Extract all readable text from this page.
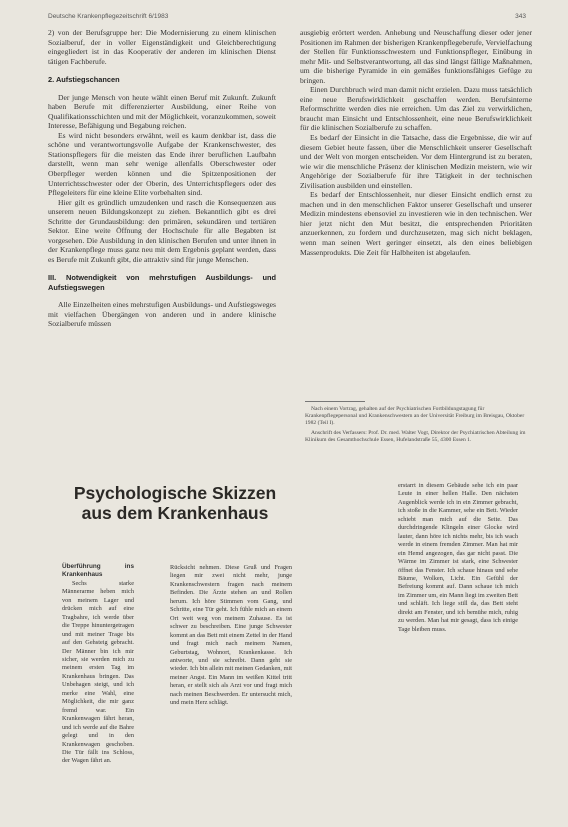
Deutsche Krankenpflegezeitschrift 6/1983	343

2) von der Berufsgruppe her: Die Modernisierung zu einem klinischen Sozialberuf, der in voller Eigenständigkeit und Gleichberechtigung eingegliedert ist in das Kooperativ der anderen im klinischen Dienst tätigen Fachberufe.

2. Aufstiegschancen

Der junge Mensch von heute wählt einen Beruf mit Zukunft. Zukunft haben Berufe mit differenzierter Ausbildung, einer Reihe von Qualifikationsschichten und mit der Möglichkeit, voranzukommen, soweit Interesse, Befähigung und Begabung reichen.

Es wird nicht besonders erwähnt, weil es kaum denkbar ist, dass die schöne und verantwortungsvolle Aufgabe der Krankenschwester, des Stationspflegers für die meisten das Ende ihrer beruflichen Laufbahn darstellt, wenn man sehr wenige allenfalls Oberschwester oder Oberpfleger werden können und die Spitzenpositionen der Unterrichtsschwester oder der Oberin, des Unterrichtspflegers oder des Pflegeleiters für eine kleine Elite vorbehalten sind.

Hier gilt es gründlich umzudenken und rasch die Konsequenzen aus unserem neuen Bildungskonzept zu ziehen. Bekanntlich gibt es drei Schritte der Grundausbildung: den primären, sekundären und tertiären Sektor. Eine weite Öffnung der Hochschule für alle Begabten ist vorgesehen. Die Ausbildung in den klinischen Berufen und unter ihnen in der Krankenpflege muss ganz neu mit dem Ergebnis geplant werden, dass es Berufe mit Zukunft gibt, die attraktiv sind für junge Menschen.

III. Notwendigkeit von mehrstufigen Ausbildungs- und Aufstiegswegen

Alle Einzelheiten eines mehrstufigen Ausbildungs- und Aufstiegsweges mit vielfachen Übergängen von anderen und in andere klinische Sozialberufe müssen

ausgiebig erörtert werden. Anhebung und Neuschaffung dieser oder jener Positionen im Rahmen der bisherigen Krankenpflegeberufe, Vervielfachung der Stellen für Funktionsschwestern und Funktionspfleger, Einübung in mehr Mit- und Selbstverantwortung, all das sind längst fällige Maßnahmen, um die bisherige Pyramide in ein gemäßes funktionsfähiges Gefüge zu bringen.

Einen Durchbruch wird man damit nicht erzielen. Dazu muss tatsächlich eine neue Berufswirklichkeit geschaffen werden. Berufsinterne Reformschritte werden dies nie erreichen. Um das Ziel zu verwirklichen, braucht man Einsicht und Entschlossenheit, eine neue Berufswirklichkeit für die klinischen Sozialberufe zu schaffen.

Es bedarf der Einsicht in die Tatsache, dass die Ergebnisse, die wir auf diesem Gebiet heute fassen, über die Menschlichkeit unserer Gesellschaft und der Welt von morgen entscheiden. Vor dem Hintergrund ist zu beraten, wie wir die menschliche Präsenz der klinischen Medizin meistern, wie wir Angehörige der Sozialberufe für ihre Tätigkeit in der technischen Zivilisation ausbilden und einstellen.

Es bedarf der Entschlossenheit, nur dieser Einsicht endlich ernst zu machen und in den menschlichen Faktor unserer Gesellschaft und unserer Medizin mindestens ebensoviel zu investieren wie in den technischen. Wer hier jetzt nicht den Mut besitzt, die entsprechenden Prioritäten anzuerkennen, zu fordern und durchzusetzen, mag sich nicht beklagen, wenn man seinen Wert geringer einsetzt, als den eines beliebigen Massenprodukts. Die Zeit für Halbheiten ist abgelaufen.

Nach einem Vortrag, gehalten auf der Psychiatrischen Fortbildungstagung für Krankenpflegepersonal und Krankenschwestern an der Universität Freiburg im Breisgau, Oktober 1982 (Teil I).

Anschrift des Verfassers: Prof. Dr. med. Walter Vogt, Direktor der Psychiatrischen Abteilung im Klinikum des Gesamthochschule Essen, Hufelandstraße 55, 4300 Essen 1.

Psychologische Skizzen aus dem Krankenhaus

Überführung ins Krankenhaus

Sechs starke Männerarme heben mich von meinem Lager und drücken mich auf eine Tragbahre, ich werde über die Treppe hinuntergetragen und mit meiner Trage bis auf den Gehsteig gebracht. Der Männer bin ich mir sicher, sie werden mich zu meinem ersten Tag im Krankenhaus bringen. Das Unbehagen steigt, und ich merke eine Wahl, eine Möglichkeit, die mir ganz fremd war. Ein Krankenwagen fährt heran, und ich werde auf die Bahre gelegt und in den Krankenwagen geschoben. Die Tür fällt ins Schloss, der Wagen fährt an.

Rücksicht nehmen. Diese Gruß und Fragen liegen mir zwei nicht mehr, junge Krankenschwestern fragen nach meinem Befinden. Die Ärzte stehen an und Rollen herum. Ich höre Stimmen vom Gang, und Schritte, eine Tür geht. Ich fühle mich an einem Ort weit weg von meinem Zuhause. Es ist schwer zu beschreiben. Eine junge Schwester kommt an das Bett mit einem Zettel in der Hand und fragt mich nach meinem Namen, Geburtstag, Wohnort, Krankenkasse. Ich antworte, und sie schreibt. Dann geht sie wieder. Ich bin allein mit meinen Gedanken, mit meiner Angst. Ein Mann im weißen Kittel tritt heran, er stellt sich als Arzt vor und fragt mich nach meinen Beschwerden. Er untersucht mich, und mein Herz schlägt.

erstarrt in diesem Gebäude sehe ich ein paar Leute in einer hellen Halle. Den nächsten Augenblick werde ich in ein Zimmer gebracht, ich stoße in die Kammer, sehe ein Bett. Wieder schiebt man mich auf die Seite. Das durchdringende Klingeln einer Glocke wird lauter, dann höre ich nichts mehr, bis ich wach werde in einem fremden Zimmer. Man hat mir ein Hemd angezogen, das gar nicht passt. Die Wärme im Zimmer ist stark, eine Schwester öffnet das Fenster. Ich schaue hinaus und sehe Bäume, Wolken, Licht. Ein Gefühl der Befreiung kommt auf. Dann schaue ich mich im Zimmer um, ein Mann liegt im zweiten Bett und schläft. Ich liege still da, das Bett steht direkt am Fenster, und ich bemühe mich, ruhig zu werden. Man hat mir gesagt, dass ich einige Tage bleiben muss.
